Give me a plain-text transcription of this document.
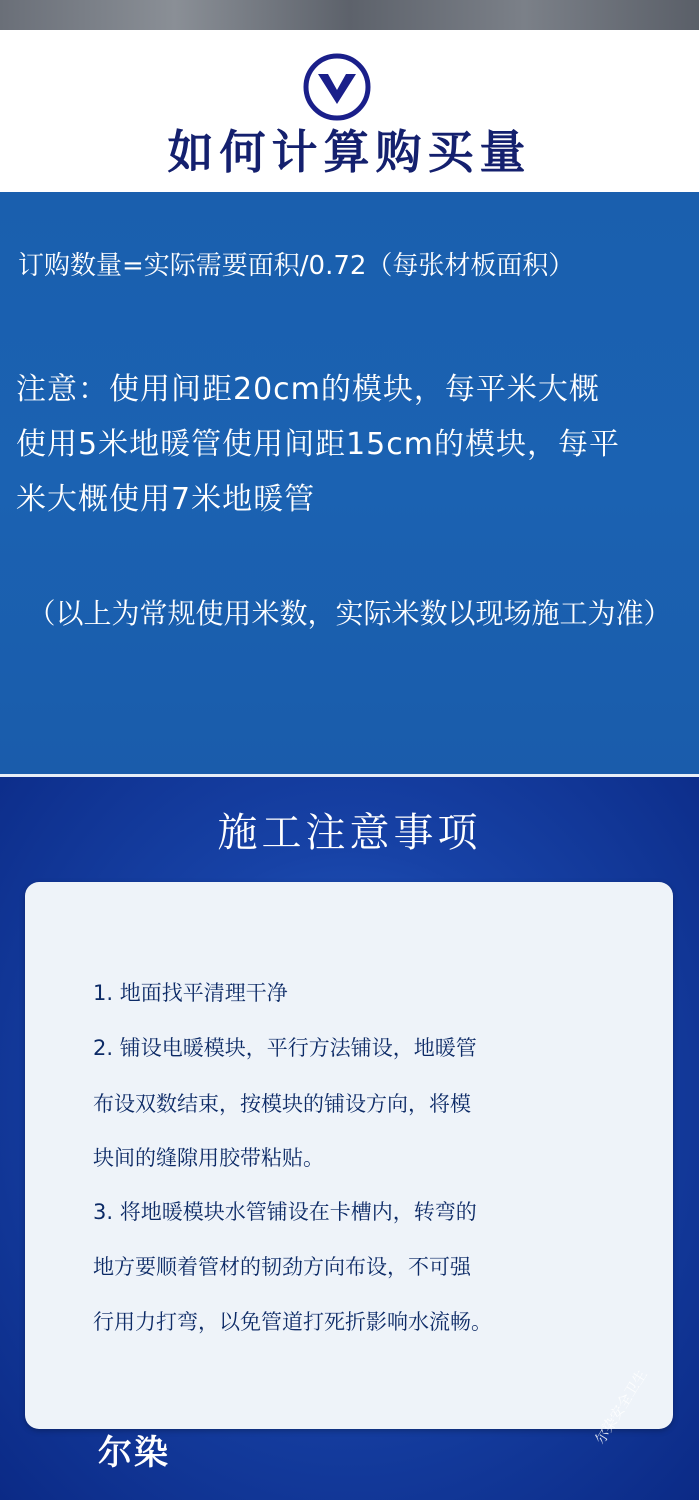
如何计算购买量
订购数量=实际需要面积/0.72（每张材板面积）
注意：使用间距20cm的模块，每平米大概
使用5米地暖管使用间距15cm的模块，每平
米大概使用7米地暖管
（以上为常规使用米数，实际米数以现场施工为准）
施工注意事项
1. 地面找平清理干净
2. 铺设电暖模块，平行方法铺设，地暖管
布设双数结束，按模块的铺设方向，将模
块间的缝隙用胶带粘贴。
3. 将地暖模块水管铺设在卡槽内，转弯的
地方要顺着管材的韧劲方向布设，不可强
行用力打弯，以免管道打死折影响水流畅。
尔染
尔染安全卫生
